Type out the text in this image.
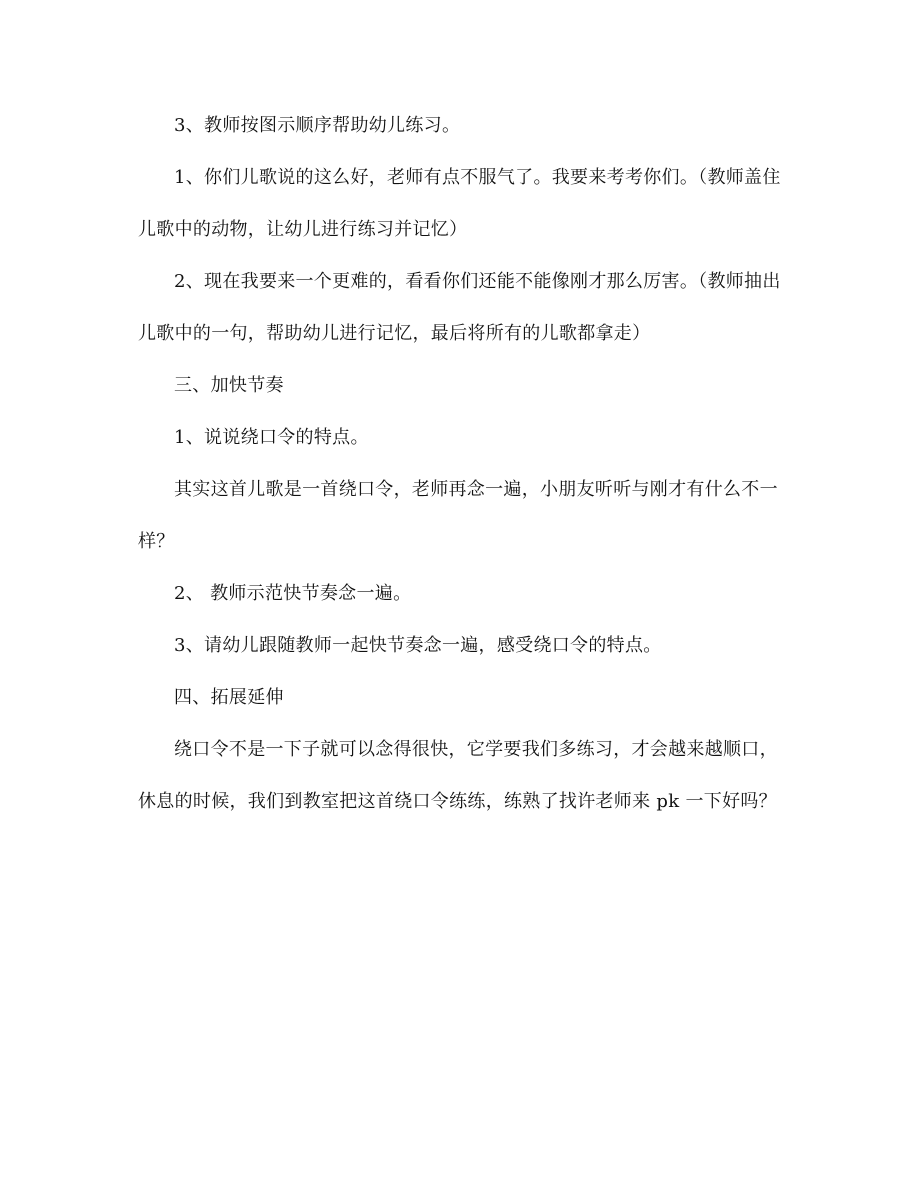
3、教师按图示顺序帮助幼儿练习。

1、你们儿歌说的这么好，老师有点不服气了。我要来考考你们。（教师盖住儿歌中的动物，让幼儿进行练习并记忆）

2、现在我要来一个更难的，看看你们还能不能像刚才那么厉害。（教师抽出儿歌中的一句，帮助幼儿进行记忆，最后将所有的儿歌都拿走）

三、加快节奏

1、说说绕口令的特点。

其实这首儿歌是一首绕口令，老师再念一遍，小朋友听听与刚才有什么不一样？

2、 教师示范快节奏念一遍。

3、请幼儿跟随教师一起快节奏念一遍，感受绕口令的特点。

四、拓展延伸

绕口令不是一下子就可以念得很快，它学要我们多练习，才会越来越顺口，休息的时候，我们到教室把这首绕口令练练，练熟了找许老师来 pk 一下好吗？
